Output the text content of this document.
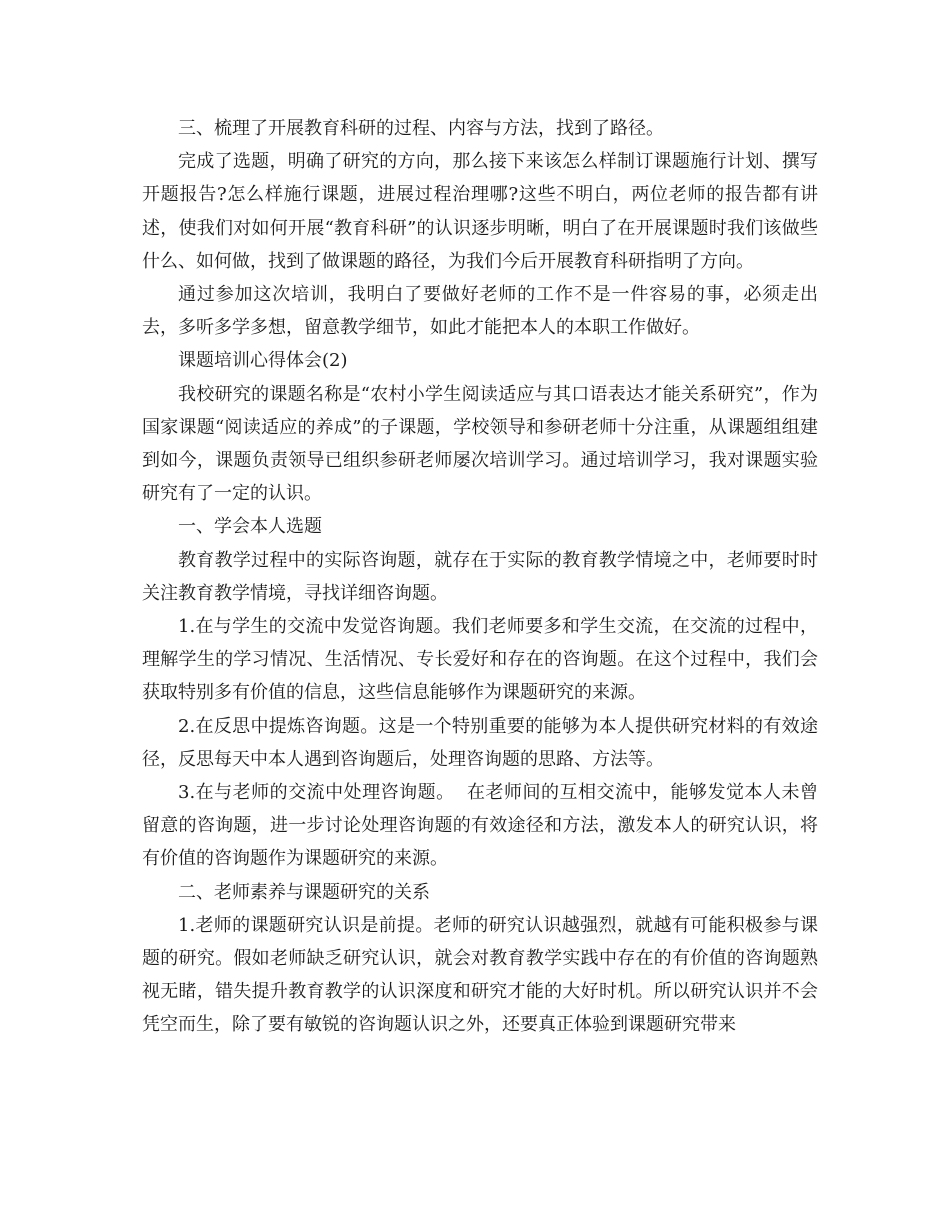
三、梳理了开展教育科研的过程、内容与方法，找到了路径。

完成了选题，明确了研究的方向，那么接下来该怎么样制订课题施行计划、撰写开题报告?怎么样施行课题，进展过程治理哪?这些不明白，两位老师的报告都有讲述，使我们对如何开展“教育科研”的认识逐步明晰，明白了在开展课题时我们该做些什么、如何做，找到了做课题的路径，为我们今后开展教育科研指明了方向。

通过参加这次培训，我明白了要做好老师的工作不是一件容易的事，必须走出去，多听多学多想，留意教学细节，如此才能把本人的本职工作做好。

课题培训心得体会(2)

我校研究的课题名称是“农村小学生阅读适应与其口语表达才能关系研究”，作为国家课题“阅读适应的养成”的子课题，学校领导和参研老师十分注重，从课题组组建到如今，课题负责领导已组织参研老师屡次培训学习。通过培训学习，我对课题实验研究有了一定的认识。

一、学会本人选题

教育教学过程中的实际咨询题，就存在于实际的教育教学情境之中，老师要时时关注教育教学情境，寻找详细咨询题。

1.在与学生的交流中发觉咨询题。我们老师要多和学生交流，在交流的过程中，理解学生的学习情况、生活情况、专长爱好和存在的咨询题。在这个过程中，我们会获取特别多有价值的信息，这些信息能够作为课题研究的来源。

2.在反思中提炼咨询题。这是一个特别重要的能够为本人提供研究材料的有效途径，反思每天中本人遇到咨询题后，处理咨询题的思路、方法等。

3.在与老师的交流中处理咨询题。  在老师间的互相交流中，能够发觉本人未曾留意的咨询题，进一步讨论处理咨询题的有效途径和方法，激发本人的研究认识，将有价值的咨询题作为课题研究的来源。

二、老师素养与课题研究的关系

1.老师的课题研究认识是前提。老师的研究认识越强烈，就越有可能积极参与课题的研究。假如老师缺乏研究认识，就会对教育教学实践中存在的有价值的咨询题熟视无睹，错失提升教育教学的认识深度和研究才能的大好时机。所以研究认识并不会凭空而生，除了要有敏锐的咨询题认识之外，还要真正体验到课题研究带来
